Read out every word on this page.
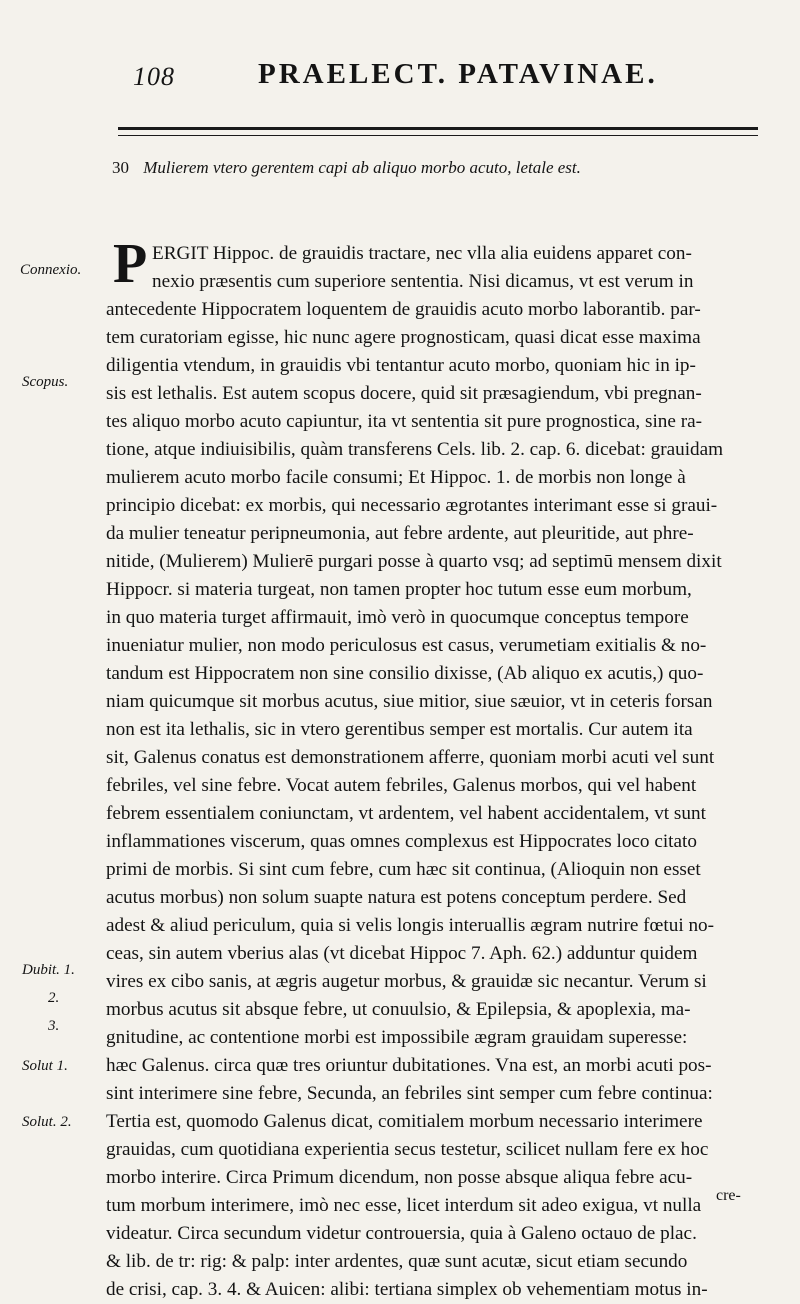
108	PRAELECT. PATAVINAE.
30 Mulierem vtero gerentem capi ab aliquo morbo acuto, letale est.
P ERGIT Hippoc. de grauidis tractare, nec vlla alia euidens apparet con-
nexio præsentis cum superiore sententia. Nisi dicamus, vt est verum in
antecedente Hippocratem loquentem de grauidis acuto morbo laborantib. par-
tem curatoriam egisse, hic nunc agere prognosticam, quasi dicat esse maxima
diligentia vtendum, in grauidis vbi tentantur acuto morbo, quoniam hic in ip-
sis est lethalis. Est autem scopus docere, quid sit præsagiendum, vbi pregnan-
tes aliquo morbo acuto capiuntur, ita vt sententia sit pure prognostica, sine ra-
tione, atque indiuisibilis, quàm transferens Cels. lib. 2. cap. 6. dicebat: grauidam
mulierem acuto morbo facile consumi; Et Hippoc. 1. de morbis non longe à
principio dicebat: ex morbis, qui necessario ægrotantes interimant esse si graui-
da mulier teneatur peripneumonia, aut febre ardente, aut pleuritide, aut phre-
nitide, (Mulierem) Mulierē purgari posse à quarto vsq; ad septimū mensem dixit
Hippocr. si materia turgeat, non tamen propter hoc tutum esse eum morbum,
in quo materia turget affirmauit, imò verò in quocumque conceptus tempore
inueniatur mulier, non modo periculosus est casus, verumetiam exitialis & no-
tandum est Hippocratem non sine consilio dixisse, (Ab aliquo ex acutis,) quo-
niam quicumque sit morbus acutus, siue mitior, siue sæuior, vt in ceteris forsan
non est ita lethalis, sic in vtero gerentibus semper est mortalis. Cur autem ita
sit, Galenus conatus est demonstrationem afferre, quoniam morbi acuti vel sunt
febriles, vel sine febre. Vocat autem febriles, Galenus morbos, qui vel habent
febrem essentialem coniunctam, vt ardentem, vel habent accidentalem, vt sunt
inflammationes viscerum, quas omnes complexus est Hippocrates loco citato
primi de morbis. Si sint cum febre, cum hæc sit continua, (Alioquin non esset
acutus morbus) non solum suapte natura est potens conceptum perdere. Sed
adest & aliud periculum, quia si velis longis interuallis ægram nutrire fœtui no-
ceas, sin autem vberius alas (vt dicebat Hippoc 7. Aph. 62.) adduntur quidem
vires ex cibo sanis, at ægris augetur morbus, & grauidæ sic necantur. Verum si
morbus acutus sit absque febre, ut conuulsio, & Epilepsia, & apoplexia, ma-
gnitudine, ac contentione morbi est impossibile ægram grauidam superesse:
hæc Galenus. circa quæ tres oriuntur dubitationes. Vna est, an morbi acuti pos-
sint interimere sine febre, Secunda, an febriles sint semper cum febre continua:
Tertia est, quomodo Galenus dicat, comitialem morbum necessario interimere
grauidas, cum quotidiana experientia secus testetur, scilicet nullam fere ex hoc
morbo interire. Circa Primum dicendum, non posse absque aliqua febre acu-
tum morbum interimere, imò nec esse, licet interdum sit adeo exigua, vt nulla
videatur. Circa secundum videtur controuersia, quia à Galeno octauo de plac.
& lib. de tr: rig: & palp: inter ardentes, quæ sunt acutæ, sicut etiam secundo
de crisi, cap. 3. 4. & Auicen: alibi: tertiana simplex ob vehementiam motus in-
Connexio.
Scopus.
Dubit. 1.
2.
3.
Solut 1.
Solut. 2.
cre-
